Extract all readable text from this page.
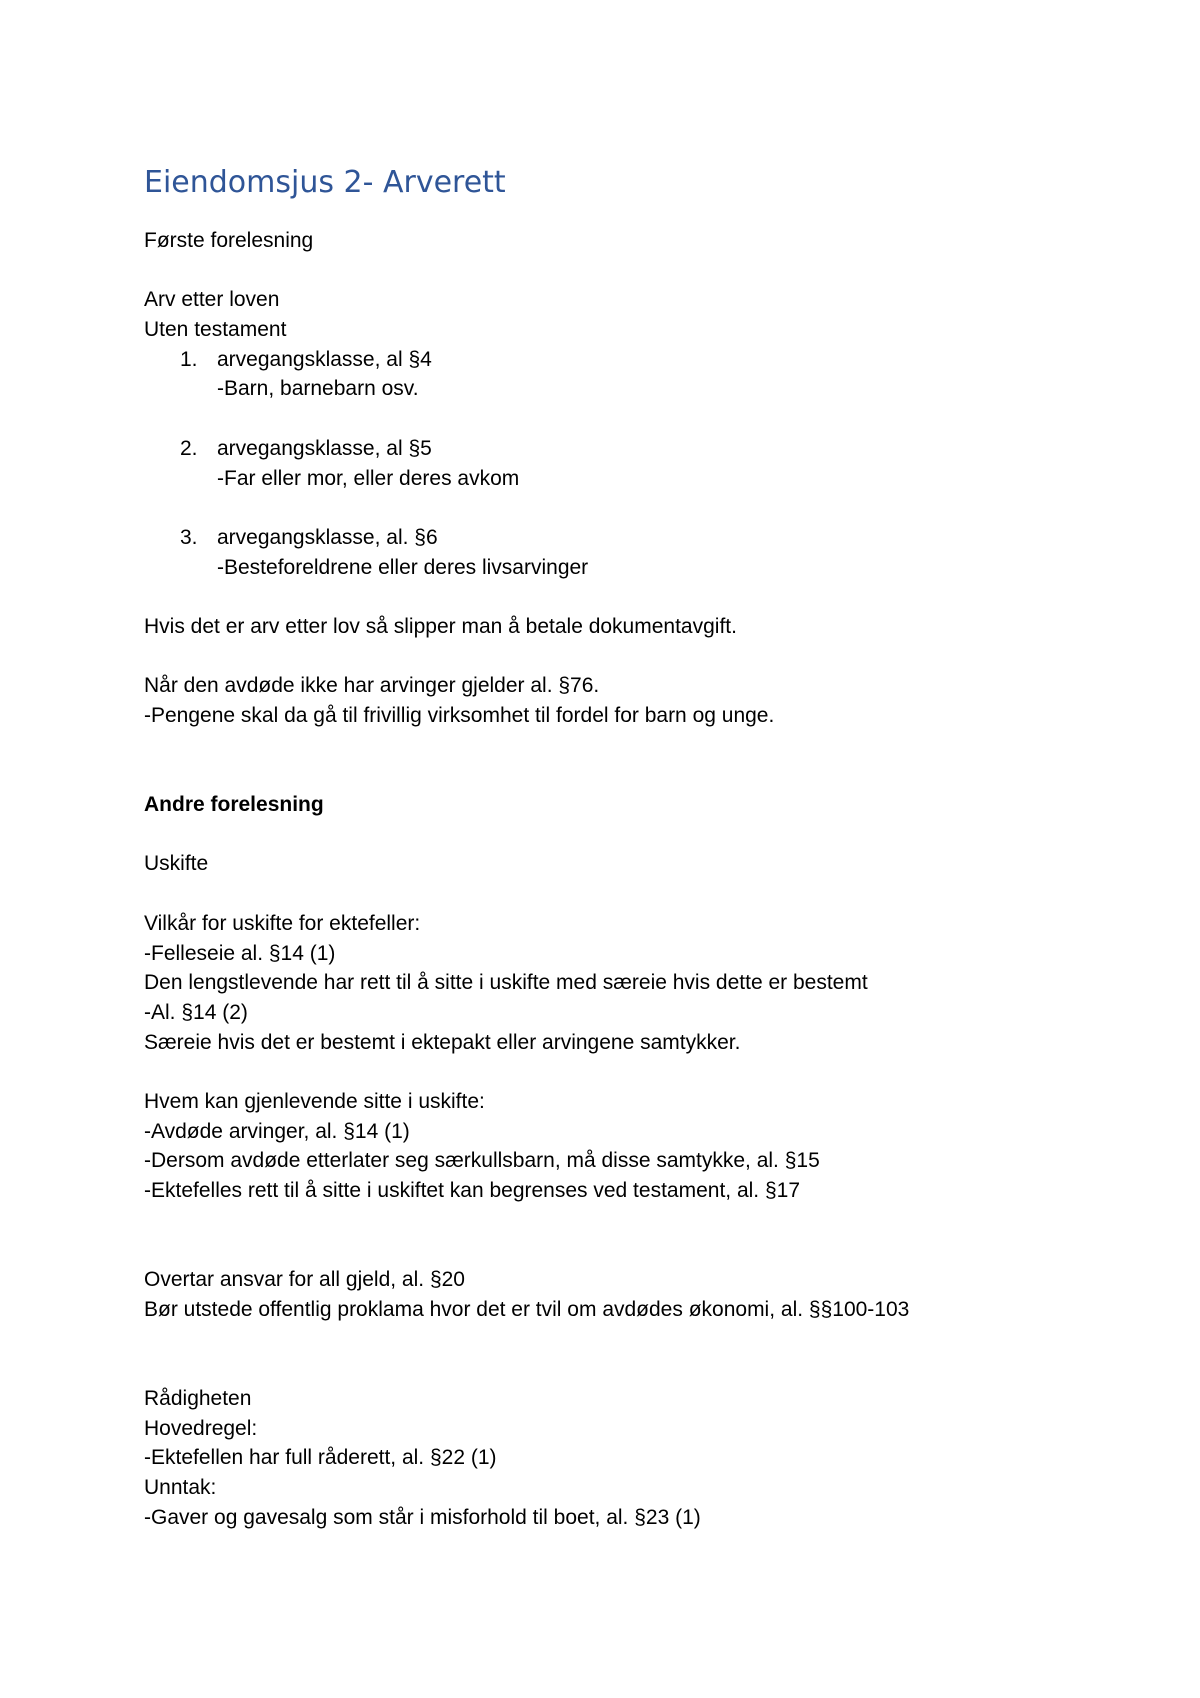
Eiendomsjus 2- Arverett
Første forelesning
Arv etter loven
Uten testament
1. arvegangsklasse, al §4
-Barn, barnebarn osv.
2. arvegangsklasse, al §5
-Far eller mor, eller deres avkom
3. arvegangsklasse, al. §6
-Besteforeldrene eller deres livsarvinger
Hvis det er arv etter lov så slipper man å betale dokumentavgift.
Når den avdøde ikke har arvinger gjelder al. §76.
-Pengene skal da gå til frivillig virksomhet til fordel for barn og unge.
Andre forelesning
Uskifte
Vilkår for uskifte for ektefeller:
-Felleseie al. §14 (1)
Den lengstlevende har rett til å sitte i uskifte med særeie hvis dette er bestemt
-Al. §14 (2)
Særeie hvis det er bestemt i ektepakt eller arvingene samtykker.
Hvem kan gjenlevende sitte i uskifte:
-Avdøde arvinger, al. §14 (1)
-Dersom avdøde etterlater seg særkullsbarn, må disse samtykke, al. §15
-Ektefelles rett til å sitte i uskiftet kan begrenses ved testament, al. §17
Overtar ansvar for all gjeld, al. §20
Bør utstede offentlig proklama hvor det er tvil om avdødes økonomi, al. §§100-103
Rådigheten
Hovedregel:
-Ektefellen har full råderett, al. §22 (1)
Unntak:
-Gaver og gavesalg som står i misforhold til boet, al. §23 (1)
